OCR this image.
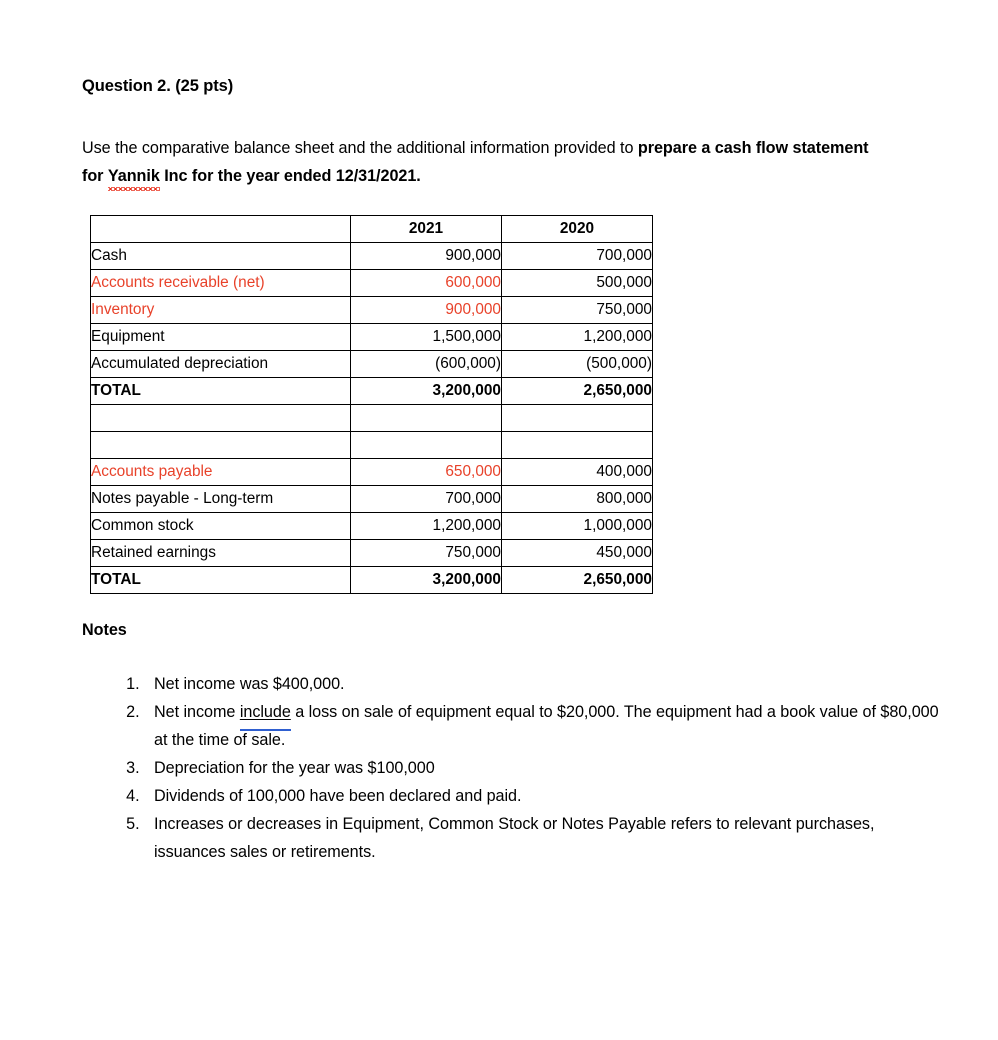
Question 2. (25 pts)

Use the comparative balance sheet and the additional information provided to prepare a cash flow statement for Yannik Inc for the year ended 12/31/2021.

	2021	2020
Cash	900,000	700,000
Accounts receivable (net)	600,000	500,000
Inventory	900,000	750,000
Equipment	1,500,000	1,200,000
Accumulated depreciation	(600,000)	(500,000)
TOTAL	3,200,000	2,650,000

Accounts payable	650,000	400,000
Notes payable - Long-term	700,000	800,000
Common stock	1,200,000	1,000,000
Retained earnings	750,000	450,000
TOTAL	3,200,000	2,650,000
Notes
1. Net income was $400,000.
2. Net income include a loss on sale of equipment equal to $20,000. The equipment had a book value of $80,000 at the time of sale.
3. Depreciation for the year was $100,000
4. Dividends of 100,000 have been declared and paid.
5. Increases or decreases in Equipment, Common Stock or Notes Payable refers to relevant purchases, issuances sales or retirements.
